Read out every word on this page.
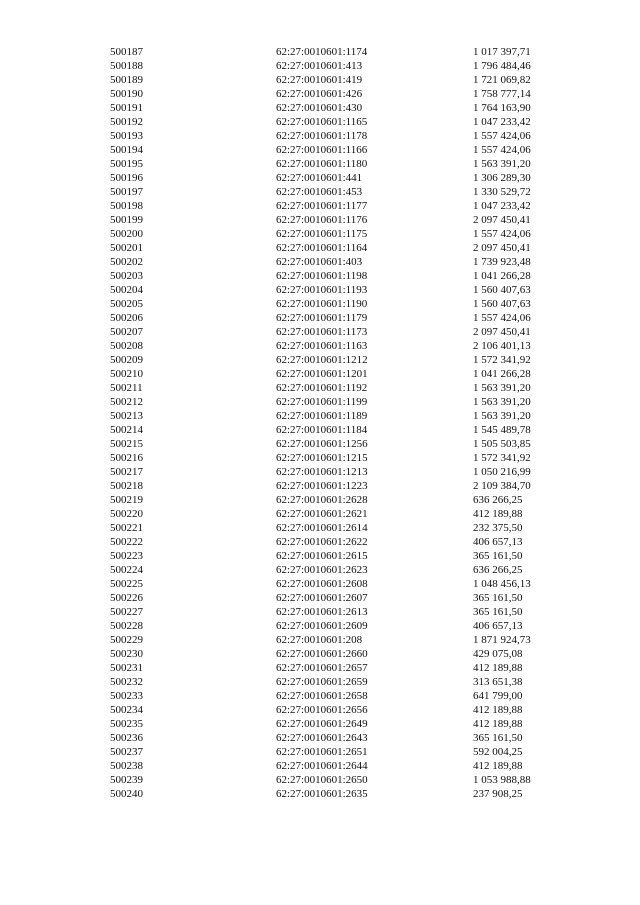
500187	62:27:0010601:1174	1 017 397,71
500188	62:27:0010601:413	1 796 484,46
500189	62:27:0010601:419	1 721 069,82
500190	62:27:0010601:426	1 758 777,14
500191	62:27:0010601:430	1 764 163,90
500192	62:27:0010601:1165	1 047 233,42
500193	62:27:0010601:1178	1 557 424,06
500194	62:27:0010601:1166	1 557 424,06
500195	62:27:0010601:1180	1 563 391,20
500196	62:27:0010601:441	1 306 289,30
500197	62:27:0010601:453	1 330 529,72
500198	62:27:0010601:1177	1 047 233,42
500199	62:27:0010601:1176	2 097 450,41
500200	62:27:0010601:1175	1 557 424,06
500201	62:27:0010601:1164	2 097 450,41
500202	62:27:0010601:403	1 739 923,48
500203	62:27:0010601:1198	1 041 266,28
500204	62:27:0010601:1193	1 560 407,63
500205	62:27:0010601:1190	1 560 407,63
500206	62:27:0010601:1179	1 557 424,06
500207	62:27:0010601:1173	2 097 450,41
500208	62:27:0010601:1163	2 106 401,13
500209	62:27:0010601:1212	1 572 341,92
500210	62:27:0010601:1201	1 041 266,28
500211	62:27:0010601:1192	1 563 391,20
500212	62:27:0010601:1199	1 563 391,20
500213	62:27:0010601:1189	1 563 391,20
500214	62:27:0010601:1184	1 545 489,78
500215	62:27:0010601:1256	1 505 503,85
500216	62:27:0010601:1215	1 572 341,92
500217	62:27:0010601:1213	1 050 216,99
500218	62:27:0010601:1223	2 109 384,70
500219	62:27:0010601:2628	636 266,25
500220	62:27:0010601:2621	412 189,88
500221	62:27:0010601:2614	232 375,50
500222	62:27:0010601:2622	406 657,13
500223	62:27:0010601:2615	365 161,50
500224	62:27:0010601:2623	636 266,25
500225	62:27:0010601:2608	1 048 456,13
500226	62:27:0010601:2607	365 161,50
500227	62:27:0010601:2613	365 161,50
500228	62:27:0010601:2609	406 657,13
500229	62:27:0010601:208	1 871 924,73
500230	62:27:0010601:2660	429 075,08
500231	62:27:0010601:2657	412 189,88
500232	62:27:0010601:2659	313 651,38
500233	62:27:0010601:2658	641 799,00
500234	62:27:0010601:2656	412 189,88
500235	62:27:0010601:2649	412 189,88
500236	62:27:0010601:2643	365 161,50
500237	62:27:0010601:2651	592 004,25
500238	62:27:0010601:2644	412 189,88
500239	62:27:0010601:2650	1 053 988,88
500240	62:27:0010601:2635	237 908,25
